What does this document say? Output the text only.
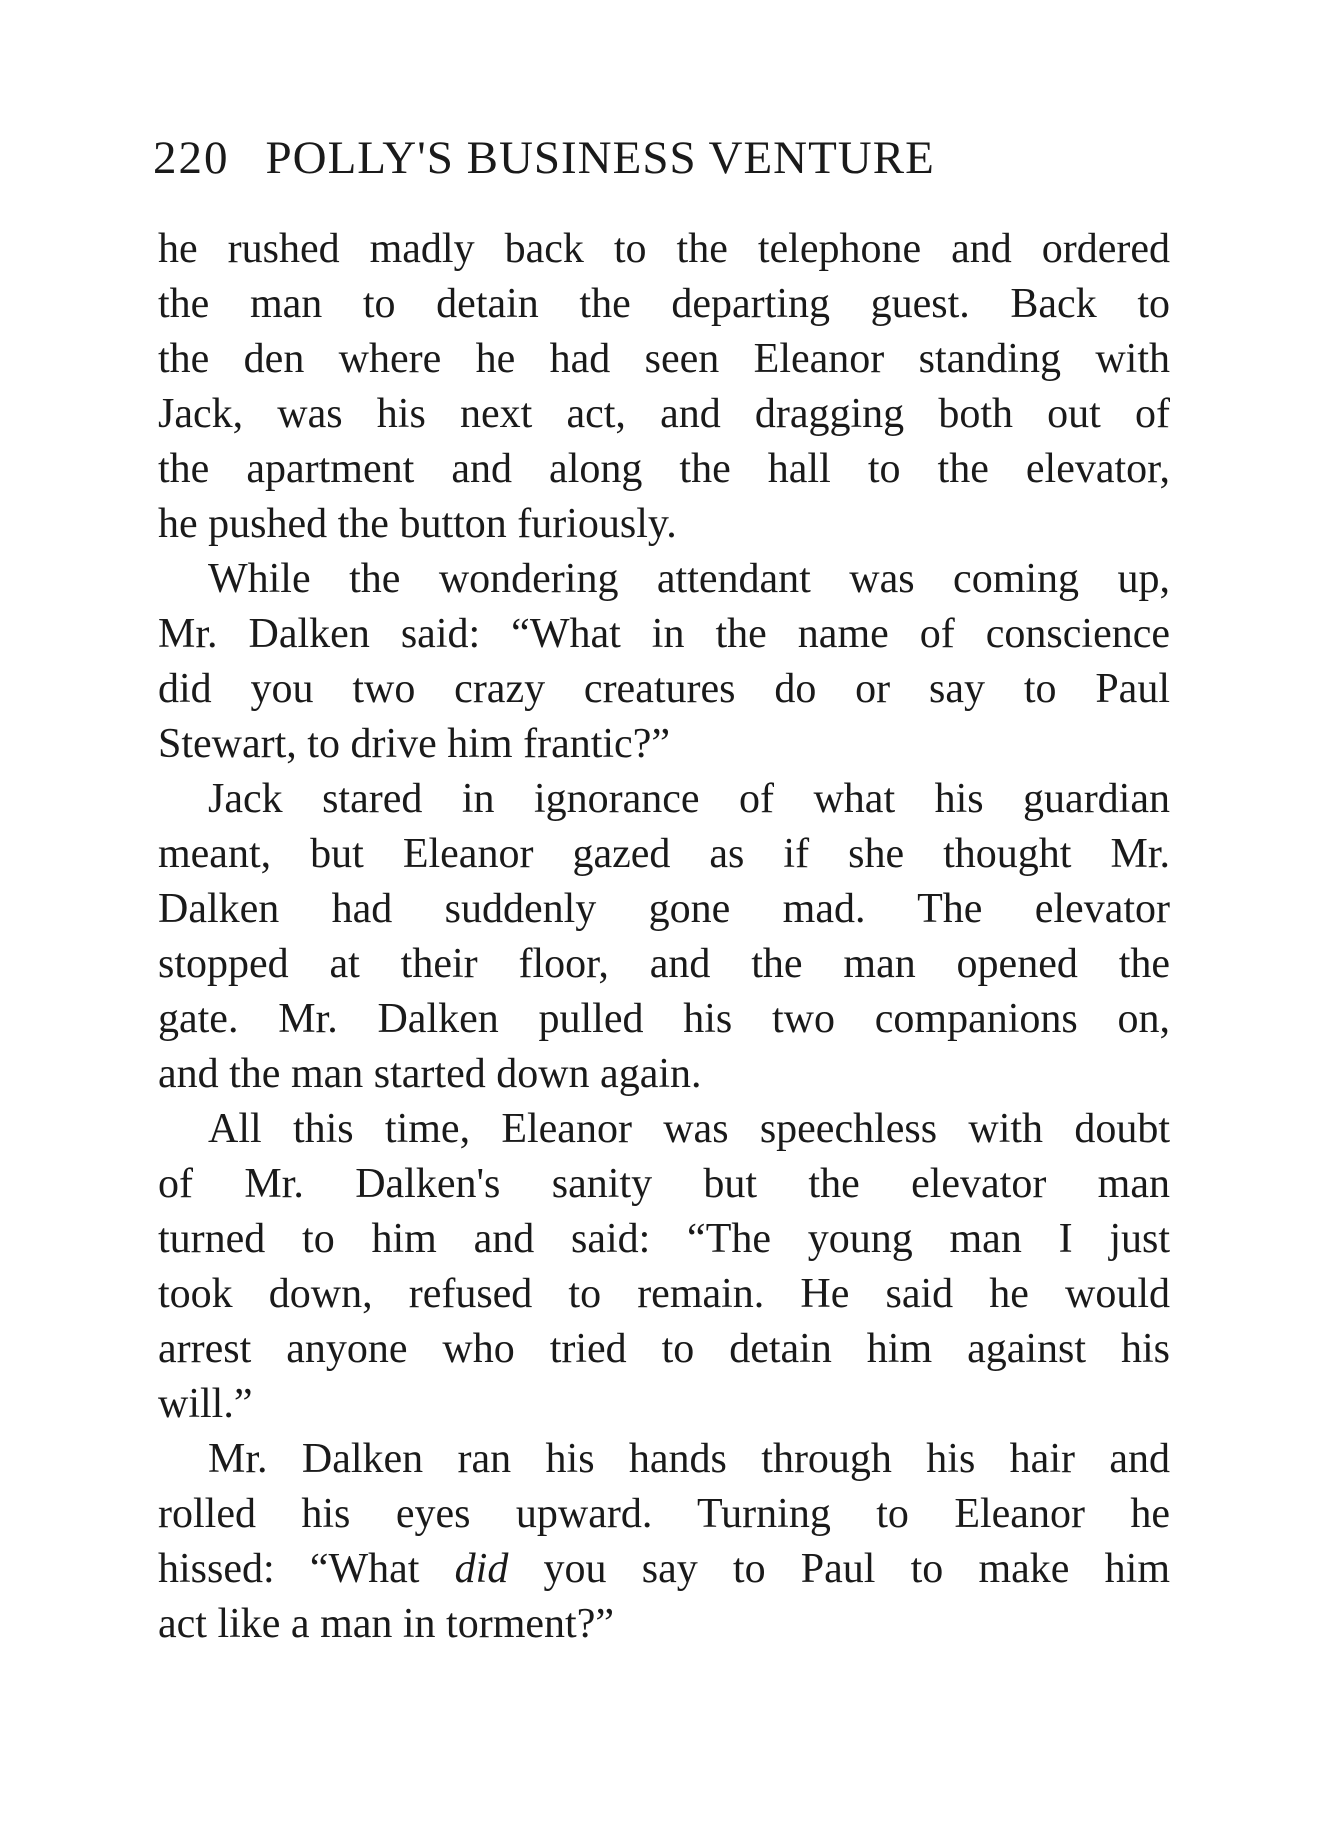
220 POLLY'S BUSINESS VENTURE
he rushed madly back to the telephone and ordered
the man to detain the departing guest. Back to
the den where he had seen Eleanor standing with
Jack, was his next act, and dragging both out of
the apartment and along the hall to the elevator,
he pushed the button furiously.
While the wondering attendant was coming up,
Mr. Dalken said: “What in the name of conscience
did you two crazy creatures do or say to Paul
Stewart, to drive him frantic?”
Jack stared in ignorance of what his guardian
meant, but Eleanor gazed as if she thought Mr.
Dalken had suddenly gone mad. The elevator
stopped at their floor, and the man opened the
gate. Mr. Dalken pulled his two companions on,
and the man started down again.
All this time, Eleanor was speechless with doubt
of Mr. Dalken's sanity but the elevator man
turned to him and said: “The young man I just
took down, refused to remain. He said he would
arrest anyone who tried to detain him against his
will.”
Mr. Dalken ran his hands through his hair and
rolled his eyes upward. Turning to Eleanor he
hissed: “What did you say to Paul to make him
act like a man in torment?”
